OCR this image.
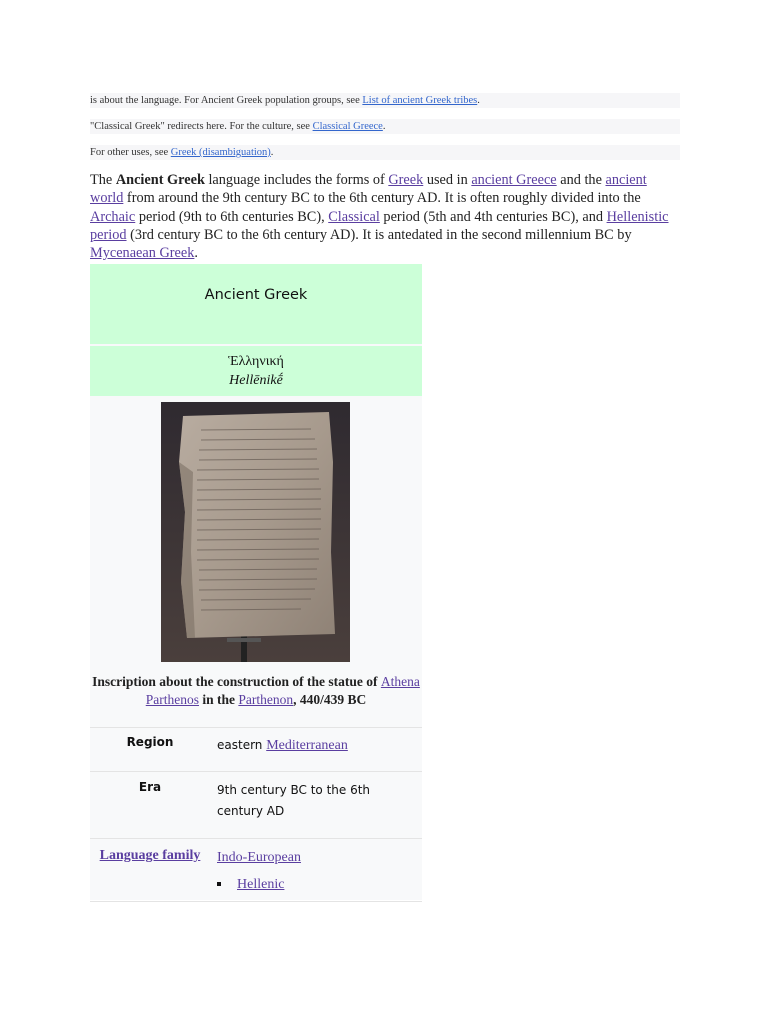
is about the language. For Ancient Greek population groups, see List of ancient Greek tribes.
"Classical Greek" redirects here. For the culture, see Classical Greece.
For other uses, see Greek (disambiguation).

The Ancient Greek language includes the forms of Greek used in ancient Greece and the ancient world from around the 9th century BC to the 6th century AD. It is often roughly divided into the Archaic period (9th to 6th centuries BC), Classical period (5th and 4th centuries BC), and Hellenistic period (3rd century BC to the 6th century AD). It is antedated in the second millennium BC by Mycenaean Greek.

Ancient Greek
Ἑλληνική
Hellēnikḗ
Inscription about the construction of the statue of Athena Parthenos in the Parthenon, 440/439 BC
Region	eastern Mediterranean
Era	9th century BC to the 6th century AD
Language family	Indo-European
Hellenic
